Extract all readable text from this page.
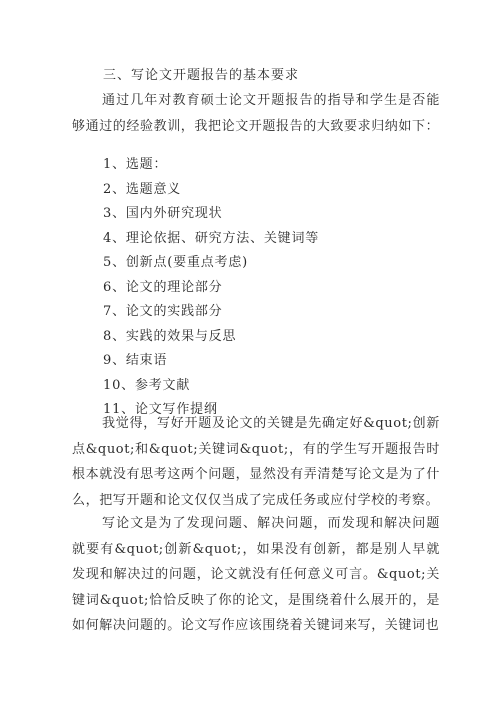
三、写论文开题报告的基本要求

通过几年对教育硕士论文开题报告的指导和学生是否能够通过的经验教训，我把论文开题报告的大致要求归纳如下：

1、选题：
2、选题意义
3、国内外研究现状
4、理论依据、研究方法、关键词等
5、创新点(要重点考虑)
6、论文的理论部分
7、论文的实践部分
8、实践的效果与反思
9、结束语
10、参考文献
11、论文写作提纲

我觉得，写好开题及论文的关键是先确定好&quot;创新点&quot;和&quot;关键词&quot;，有的学生写开题报告时根本就没有思考这两个问题，显然没有弄清楚写论文是为了什么，把写开题和论文仅仅当成了完成任务或应付学校的考察。

写论文是为了发现问题、解决问题，而发现和解决问题就要有&quot;创新&quot;，如果没有创新，都是别人早就发现和解决过的问题，论文就没有任何意义可言。&quot;关键词&quot;恰恰反映了你的论文，是围绕着什么展开的，是如何解决问题的。论文写作应该围绕着关键词来写，关键词也
